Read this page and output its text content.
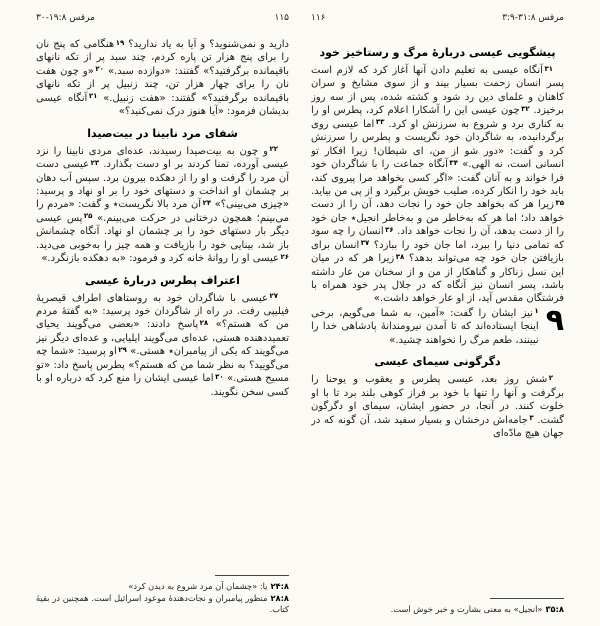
مرقس ۱۹:۸-۳۰	۱۱۵ ۱۱۶	مرقس ۳۱:۸-۳:۹

دارید و نمی‌شنوید؟ و آیا به یاد ندارید؟ $^{۱۹}$هنگامی که پنج نان را برای پنج هزار تن پاره کردم، چند سبد پر از تکه نانهای باقیمانده برگرفتید؟» گفتند: «دوازده سبد.» $^{۲۰}$«و چون هفت نان را برای چهار هزار تن، چند زنبیل پر از تکه نانهای باقیمانده برگرفتید؟» گفتند: «هفت زنبیل.» $^{۲۱}$آنگاه عیسی بدیشان فرمود: «آیا هنوز درک نمی‌کنید؟»

شفای مرد نابینا در بیت‌صیدا

$^{۲۲}$و چون به بیت‌صیدا رسیدند، عده‌ای مردی نابینا را نزد عیسی آورده، تمنا کردند بر او دست بگذارد. $^{۲۳}$عیسی دست آن مرد را گرفت و او را از دهکده بیرون برد. سپس آب دهان بر چشمان او انداخت و دستهای خود را بر او نهاد و پرسید: «چیزی می‌بینی؟» $^{۲۴}$آن مرد بالا نگریست٭ و گفت: «مردم را می‌بینم؛ همچون درختانی در حرکت می‌بینم.» $^{۲۵}$پس عیسی دیگر بار دستهای خود را بر چشمان او نهاد. آنگاه چشمانش باز شد، بینایی خود را بازیافت و همه چیز را به‌خوبی می‌دید. $^{۲۶}$عیسی او را روانهٔ خانه کرد و فرمود: «به دهکده بازنگرد.»

اعتراف پطرس دربارهٔ عیسی

$^{۲۷}$عیسی با شاگردان خود به روستاهای اطراف قیصریهٔ فیلیپی رفت. در راه از شاگردان خود پرسید: «به گفتهٔ مردم من که هستم؟» $^{۲۸}$پاسخ دادند: «بعضی می‌گویند یحیای تعمیددهنده هستی، عده‌ای می‌گویند ایلیایی، و عده‌ای دیگر نیز می‌گویند که یکی از پیامبران٭ هستی.» $^{۲۹}$او پرسید: «شما چه می‌گویید؟ به نظر شما من که هستم؟» پطرس پاسخ داد: «تو مسیح هستی.» $^{۳۰}$اما عیسی ایشان را منع کرد که درباره او با کسی سخن نگویند.

۲۴:۸یا: «چشمان آن مرد شروع به دیدن کرد»

۲۸:۸منظور پیامبران و نجات‌دهندهٔ موعود اسرائیل است. همچنین در بقیهٔ کتاب.

پیشگویی عیسی دربارهٔ مرگ و رستاخیز خود

$^{۳۱}$آنگاه عیسی به تعلیم دادن آنها آغاز کرد که لازم است پسر انسان زحمت بسیار بیند و از سوی مشایخ و سران کاهنان و علمای دین رد شود و کشته شده، پس از سه روز برخیزد. $^{۳۲}$چون عیسی این را آشکارا اعلام کرد، پطرس او را به کناری برد و شروع به سرزنش او کرد. $^{۳۳}$اما عیسی روی برگردانیده، به شاگردان خود نگریست و پطرس را سرزنش کرد و گفت: «دور شو از من، ای شیطان! زیرا افکار تو انسانی است، نه الهی.» $^{۳۴}$آنگاه جماعت را با شاگردان خود فرا خواند و به آنان گفت: «اگر کسی بخواهد مرا پیروی کند، باید خود را انکار کرده، صلیب خویش برگیرد و از پی من بیاید. $^{۳۵}$زیرا هر که بخواهد جان خود را نجات دهد، آن را از دست خواهد داد؛ اما هر که به‌خاطر من و به‌خاطر انجیل٭ جان خود را از دست بدهد، آن را نجات خواهد داد. $^{۳۶}$انسان را چه سود که تمامی دنیا را ببرد، اما جان خود را ببازد؟ $^{۳۷}$انسان برای بازیافتن جان خود چه می‌تواند بدهد؟ $^{۳۸}$زیرا هر که در میان این نسل زناکار و گناهکار از من و از سخنان من عار داشته باشد، پسر انسان نیز آنگاه که در جلال پدر خود همراه با فرشتگان مقدس آید، از او عار خواهد داشت.»

۹
$^۱$نیز ایشان را گفت: «آمین، به شما می‌گویم، برخی اینجا ایستاده‌اند که تا آمدن نیرومندانهٔ پادشاهی خدا را نبینند، طعم مرگ را نخواهند چشید.»

دگرگونی سیمای عیسی

$^۲$شش روز بعد، عیسی پطرس و یعقوب و یوحنا را برگرفت و آنها را تنها با خود بر فراز کوهی بلند برد تا با او خلوت کنند. در آنجا، در حضور ایشان، سیمای او دگرگون گشت. $^۳$جامه‌اش درخشان و بسیار سفید شد، آن گونه که در جهان هیچ مادّه‌ای

۳۵:۸«انجیل» به معنی بشارت و خبر خوش است.
